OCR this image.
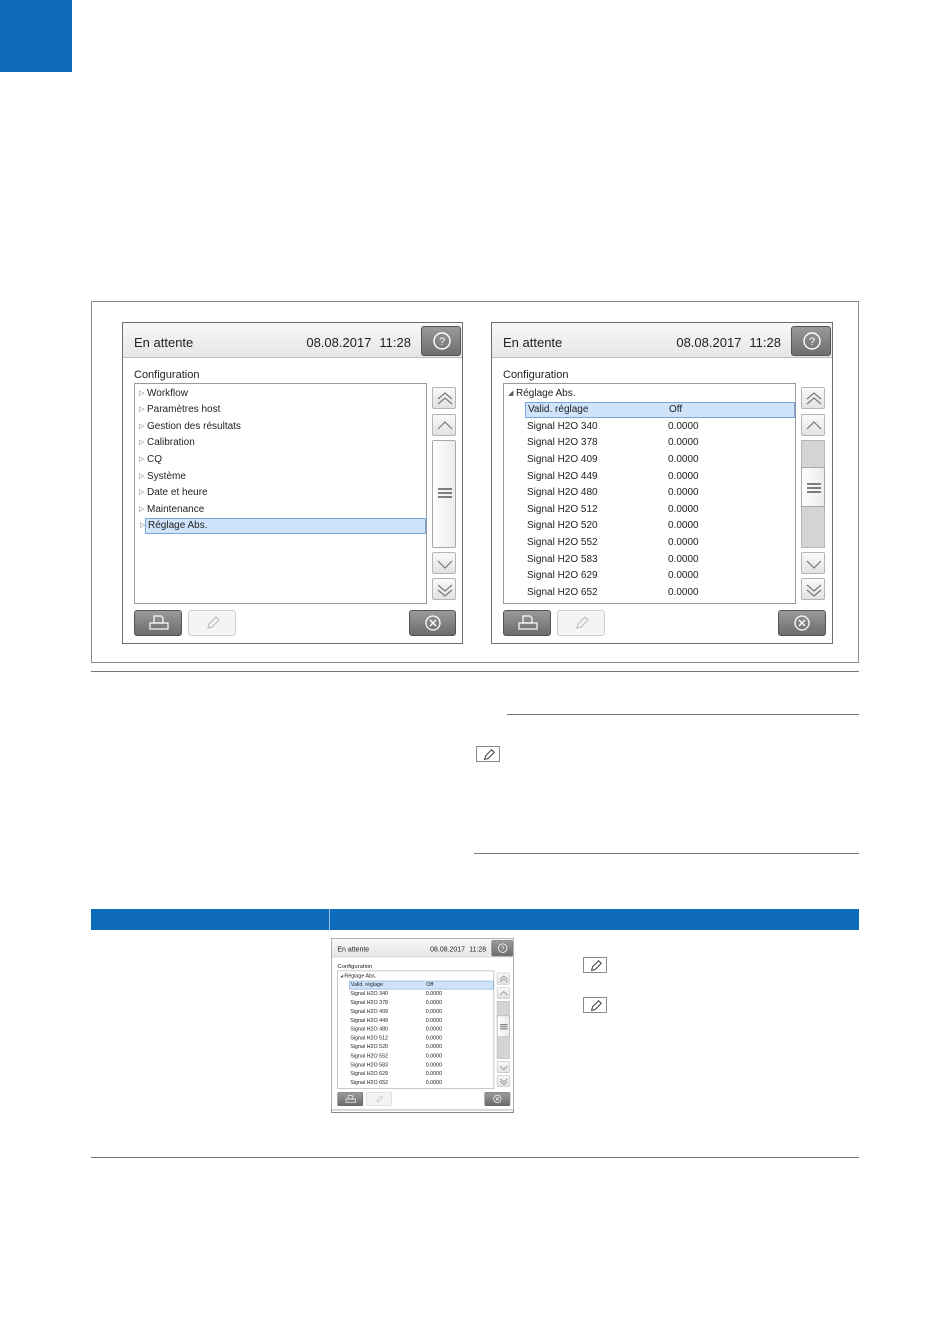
En attente	08.08.2017 11:28	?
Configuration
▷ Workflow
▷ Paramètres host
▷ Gestion des résultats
▷ Calibration
▷ CQ
▷ Système
▷ Date et heure
▷ Maintenance
▷ Réglage Abs.
En attente	08.08.2017 11:28	?
Configuration
◢ Réglage Abs.
Valid. réglage	Off
Signal H2O 340	0.0000
Signal H2O 378	0.0000
Signal H2O 409	0.0000
Signal H2O 449	0.0000
Signal H2O 480	0.0000
Signal H2O 512	0.0000
Signal H2O 520	0.0000
Signal H2O 552	0.0000
Signal H2O 583	0.0000
Signal H2O 629	0.0000
Signal H2O 652	0.0000
En attente	08.08.2017 11:28 ?
Configuration
◢ Réglage Abs.
Valid. réglage	Off
Signal H2O 340	0.0000
Signal H2O 378	0.0000
Signal H2O 409	0.0000
Signal H2O 449	0.0000
Signal H2O 480	0.0000
Signal H2O 512	0.0000
Signal H2O 520	0.0000
Signal H2O 552	0.0000
Signal H2O 583	0.0000
Signal H2O 629	0.0000
Signal H2O 652	0.0000
